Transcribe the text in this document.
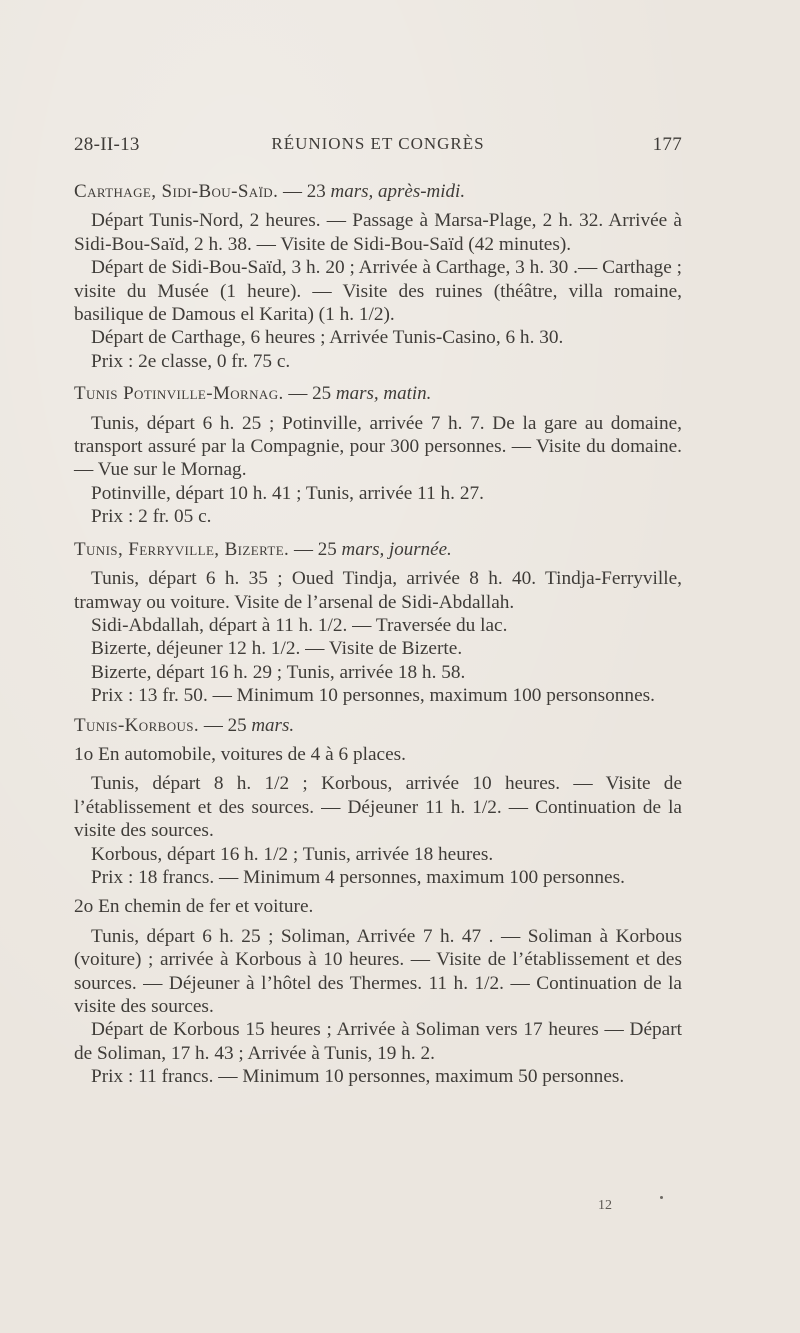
28-II-13	RÉUNIONS ET CONGRÈS	177

Carthage, Sidi-Bou-Saïd. — 23 mars, après-midi.

Départ Tunis-Nord, 2 heures. — Passage à Marsa-Plage, 2 h. 32. Arrivée à Sidi-Bou-Saïd, 2 h. 38. — Visite de Sidi-Bou-Saïd (42 minutes).

Départ de Sidi-Bou-Saïd, 3 h. 20 ; Arrivée à Carthage, 3 h. 30 .— Carthage ; visite du Musée (1 heure). — Visite des ruines (théâtre, villa romaine, basilique de Damous el Karita) (1 h. 1/2).

Départ de Carthage, 6 heures ; Arrivée Tunis-Casino, 6 h. 30.

Prix : 2e classe, 0 fr. 75 c.

Tunis Potinville-Mornag. — 25 mars, matin.

Tunis, départ 6 h. 25 ; Potinville, arrivée 7 h. 7. De la gare au domaine, transport assuré par la Compagnie, pour 300 personnes. — Visite du domaine. — Vue sur le Mornag.

Potinville, départ 10 h. 41 ; Tunis, arrivée 11 h. 27.

Prix : 2 fr. 05 c.

Tunis, Ferryville, Bizerte. — 25 mars, journée.

Tunis, départ 6 h. 35 ; Oued Tindja, arrivée 8 h. 40. Tindja-Ferryville, tramway ou voiture. Visite de l’arsenal de Sidi-Abdallah.

Sidi-Abdallah, départ à 11 h. 1/2. — Traversée du lac.

Bizerte, déjeuner 12 h. 1/2. — Visite de Bizerte.

Bizerte, départ 16 h. 29 ; Tunis, arrivée 18 h. 58.

Prix : 13 fr. 50. — Minimum 10 personnes, maximum 100 personsonnes.

Tunis-Korbous. — 25 mars.

1o En automobile, voitures de 4 à 6 places.

Tunis, départ 8 h. 1/2 ; Korbous, arrivée 10 heures. — Visite de l’établissement et des sources. — Déjeuner 11 h. 1/2. — Continuation de la visite des sources.

Korbous, départ 16 h. 1/2 ; Tunis, arrivée 18 heures.

Prix : 18 francs. — Minimum 4 personnes, maximum 100 personnes.

2o En chemin de fer et voiture.

Tunis, départ 6 h. 25 ; Soliman, Arrivée 7 h. 47 . — Soliman à Korbous (voiture) ; arrivée à Korbous à 10 heures. — Visite de l’établissement et des sources. — Déjeuner à l’hôtel des Thermes. 11 h. 1/2. — Continuation de la visite des sources.

Départ de Korbous 15 heures ; Arrivée à Soliman vers 17 heures — Départ de Soliman, 17 h. 43 ; Arrivée à Tunis, 19 h. 2.

Prix : 11 francs. — Minimum 10 personnes, maximum 50 personnes.

12
